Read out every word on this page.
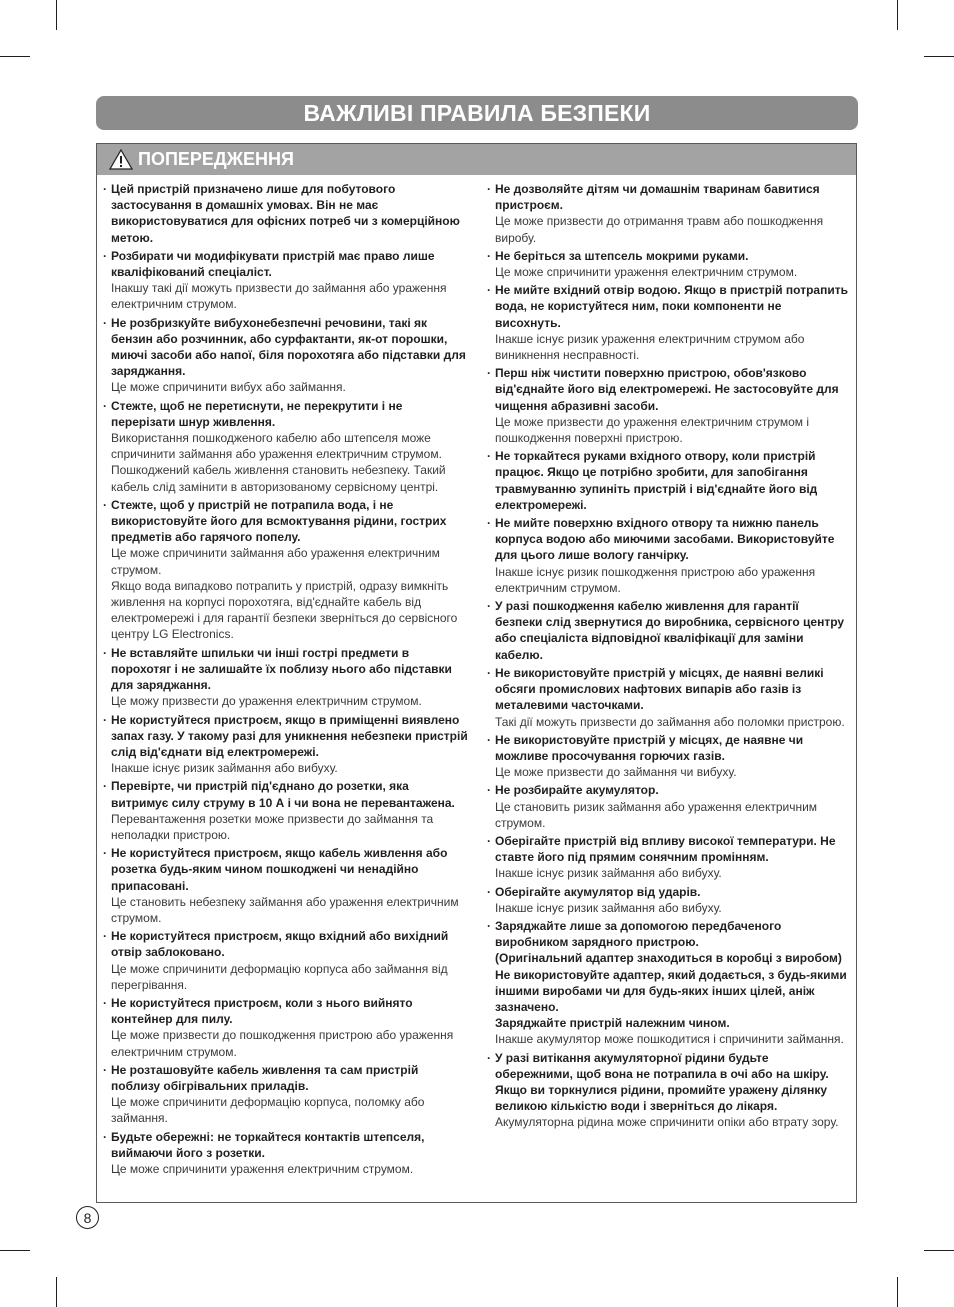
ВАЖЛИВІ ПРАВИЛА БЕЗПЕКИ
ПОПЕРЕДЖЕННЯ
· Цей пристрій призначено лише для побутового застосування в домашніх умовах. Він не має використовуватися для офісних потреб чи з комерційною метою.
· Розбирати чи модифікувати пристрій має право лише кваліфікований спеціаліст.
Інакшу такі дії можуть призвести до займання або ураження електричним струмом.
· Не розбризкуйте вибухонебезпечні речовини, такі як бензин або розчинник, або сурфактанти, як-от порошки, миючі засоби або напої, біля порохотяга або підставки для заряджання.
Це може спричинити вибух або займання.
· Стежте, щоб не перетиснути, не перекрутити і не перерізати шнур живлення.
Використання пошкодженого кабелю або штепселя може спричинити займання або ураження електричним струмом. Пошкоджений кабель живлення становить небезпеку. Такий кабель слід замінити в авторизованому сервісному центрі.
· Стежте, щоб у пристрій не потрапила вода, і не використовуйте його для всмоктування рідини, гострих предметів або гарячого попелу.
Це може спричинити займання або ураження електричним струмом.
Якщо вода випадково потрапить у пристрій, одразу вимкніть живлення на корпусі порохотяга, від'єднайте кабель від електромережі і для гарантії безпеки зверніться до сервісного центру LG Electronics.
· Не вставляйте шпильки чи інші гострі предмети в порохотяг і не залишайте їх поблизу нього або підставки для заряджання.
Це можу призвести до ураження електричним струмом.
· Не користуйтеся пристроєм, якщо в приміщенні виявлено запах газу. У такому разі для уникнення небезпеки пристрій слід від'єднати від електромережі.
Інакше існує ризик займання або вибуху.
· Перевірте, чи пристрій під'єднано до розетки, яка витримує силу струму в 10 А і чи вона не перевантажена.
Перевантаження розетки може призвести до займання та неполадки пристрою.
· Не користуйтеся пристроєм, якщо кабель живлення або розетка будь-яким чином пошкоджені чи ненадійно припасовані.
Це становить небезпеку займання або ураження електричним струмом.
· Не користуйтеся пристроєм, якщо вхідний або вихідний отвір заблоковано.
Це може спричинити деформацію корпуса або займання від перегрівання.
· Не користуйтеся пристроєм, коли з нього вийнято контейнер для пилу.
Це може призвести до пошкодження пристрою або ураження електричним струмом.
· Не розташовуйте кабель живлення та сам пристрій поблизу обігрівальних приладів.
Це може спричинити деформацію корпуса, поломку або займання.
· Будьте обережні: не торкайтеся контактів штепселя, виймаючи його з розетки.
Це може спричинити ураження електричним струмом.
· Не дозволяйте дітям чи домашнім тваринам бавитися пристроєм.
Це може призвести до отримання травм або пошкодження виробу.
· Не беріться за штепсель мокрими руками.
Це може спричинити ураження електричним струмом.
· Не мийте вхідний отвір водою. Якщо в пристрій потрапить вода, не користуйтеся ним, поки компоненти не висохнуть.
Інакше існує ризик ураження електричним струмом або виникнення несправності.
· Перш ніж чистити поверхню пристрою, обов'язково від'єднайте його від електромережі. Не застосовуйте для чищення абразивні засоби.
Це може призвести до ураження електричним струмом і пошкодження поверхні пристрою.
· Не торкайтеся руками вхідного отвору, коли пристрій працює. Якщо це потрібно зробити, для запобігання травмуванню зупиніть пристрій і від'єднайте його від електромережі.
· Не мийте поверхню вхідного отвору та нижню панель корпуса водою або миючими засобами. Використовуйте для цього лише вологу ганчірку.
Інакше існує ризик пошкодження пристрою або ураження електричним струмом.
· У разі пошкодження кабелю живлення для гарантії безпеки слід звернутися до виробника, сервісного центру або спеціаліста відповідної кваліфікації для заміни кабелю.
· Не використовуйте пристрій у місцях, де наявні великі обсяги промислових нафтових випарів або газів із металевими часточками.
Такі дії можуть призвести до займання або поломки пристрою.
· Не використовуйте пристрій у місцях, де наявне чи можливе просочування горючих газів.
Це може призвести до займання чи вибуху.
· Не розбирайте акумулятор.
Це становить ризик займання або ураження електричним струмом.
· Оберігайте пристрій від впливу високої температури. Не ставте його під прямим сонячним промінням.
Інакше існує ризик займання або вибуху.
· Оберігайте акумулятор від ударів.
Інакше існує ризик займання або вибуху.
· Заряджайте лише за допомогою передбаченого виробником зарядного пристрою.
(Оригінальний адаптер знаходиться в коробці з виробом)
Не використовуйте адаптер, який додається, з будь-якими іншими виробами чи для будь-яких інших цілей, аніж зазначено.
Заряджайте пристрій належним чином.
Інакше акумулятор може пошкодитися і спричинити займання.
· У разі витікання акумуляторної рідини будьте обережними, щоб вона не потрапила в очі або на шкіру. Якщо ви торкнулися рідини, промийте уражену ділянку великою кількістю води і зверніться до лікаря.
Акумуляторна рідина може спричинити опіки або втрату зору.
8
